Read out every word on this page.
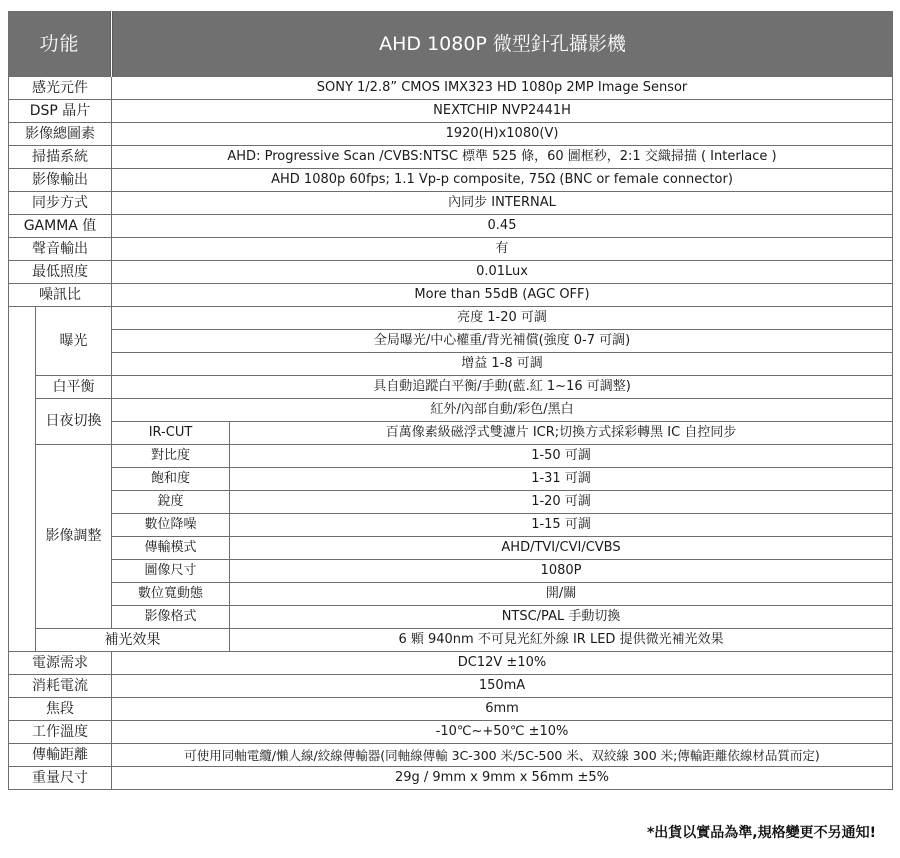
功能		AHD 1080P 微型針孔攝影機	
感光元件		SONY 1/2.8” CMOS IMX323 HD 1080p 2MP Image Sensor	
DSP 晶片		NEXTCHIP NVP2441H	
影像總圖素		1920(H)x1080(V)	
掃描系統		AHD: Progressive Scan /CVBS:NTSC 標準 525 條，60 圖框秒，2:1 交織掃描 ( Interlace )	
影像輸出		AHD 1080p 60fps; 1.1 Vp-p composite, 75Ω (BNC or female connector)	
同步方式		內同步 INTERNAL	
GAMMA 值		0.45	
聲音輸出		有	
最低照度		0.01Lux	
噪訊比		More than 55dB (AGC OFF)	
	曝光	亮度 1-20 可調	
		全局曝光/中心權重/背光補償(強度 0-7 可調)	
		增益 1-8 可調	
	白平衡	具自動追蹤白平衡/手動(藍.紅 1~16 可調整)	
	日夜切換	紅外/內部自動/彩色/黑白	
		IR-CUT	百萬像素級磁浮式雙濾片 ICR;切換方式採彩轉黑 IC 自控同步
	影像調整	對比度	1-50 可調
		飽和度	1-31 可調
		銳度	1-20 可調
		數位降噪	1-15 可調
		傳輸模式	AHD/TVI/CVI/CVBS
		圖像尺寸	1080P
		數位寬動態	開/關
		影像格式	NTSC/PAL 手動切換
	補光效果		6 顆 940nm 不可見光紅外線 IR LED 提供微光補光效果
電源需求		DC12V ±10%	
消耗電流		150mA	
焦段		6mm	
工作溫度		-10℃~+50℃ ±10%	
傳輸距離		可使用同軸電纜/懶人線/絞線傳輸器(同軸線傳輸 3C-300 米/5C-500 米、双絞線 300 米;傳輸距離依線材品質而定)	
重量尺寸		29g / 9mm x 9mm x 56mm ±5%	
*出貨以實品為準,規格變更不另通知!
